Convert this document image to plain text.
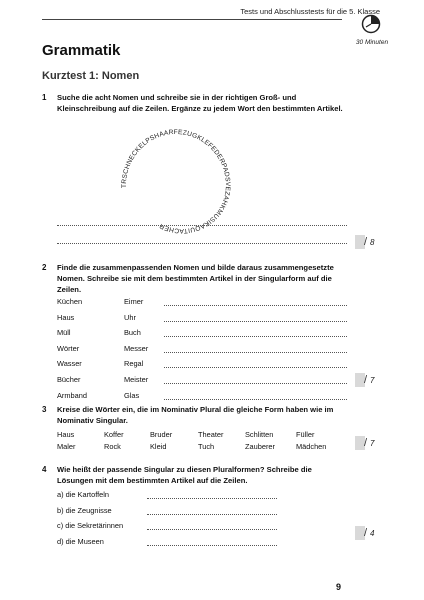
Tests und Abschlusstests für die 5. Klasse
30 Minuten
Grammatik
Kurztest 1: Nomen
1 Suche die acht Nomen und schreibe sie in der richtigen Groß- und Kleinschreibung auf die Zeilen. Ergänze zu jedem Wort den bestimmten Artikel.
TRSCHNECKELPSHAARFEZUGKLEFEDERPADSVEZAHKMUSIKAQUITACHER
/ 8
2 Finde die zusammenpassenden Nomen und bilde daraus zusammengesetzte Nomen. Schreibe sie mit dem bestimmten Artikel in der Singularform auf die Zeilen.
Küchen	Eimer
Haus	Uhr
Müll	Buch
Wörter	Messer
Wasser	Regal
Bücher	Meister
Armband	Glas
/ 7
3 Kreise die Wörter ein, die im Nominativ Plural die gleiche Form haben wie im Nominativ Singular.
Haus	Koffer	Bruder	Theater	Schlitten	Füller
Maler	Rock	Kleid	Tuch	Zauberer	Mädchen	/ 7
4 Wie heißt der passende Singular zu diesen Pluralformen? Schreibe die Lösungen mit dem bestimmten Artikel auf die Zeilen.
a) die Kartoffeln
b) die Zeugnisse
c) die Sekretärinnen
d) die Museen
/ 4
9
